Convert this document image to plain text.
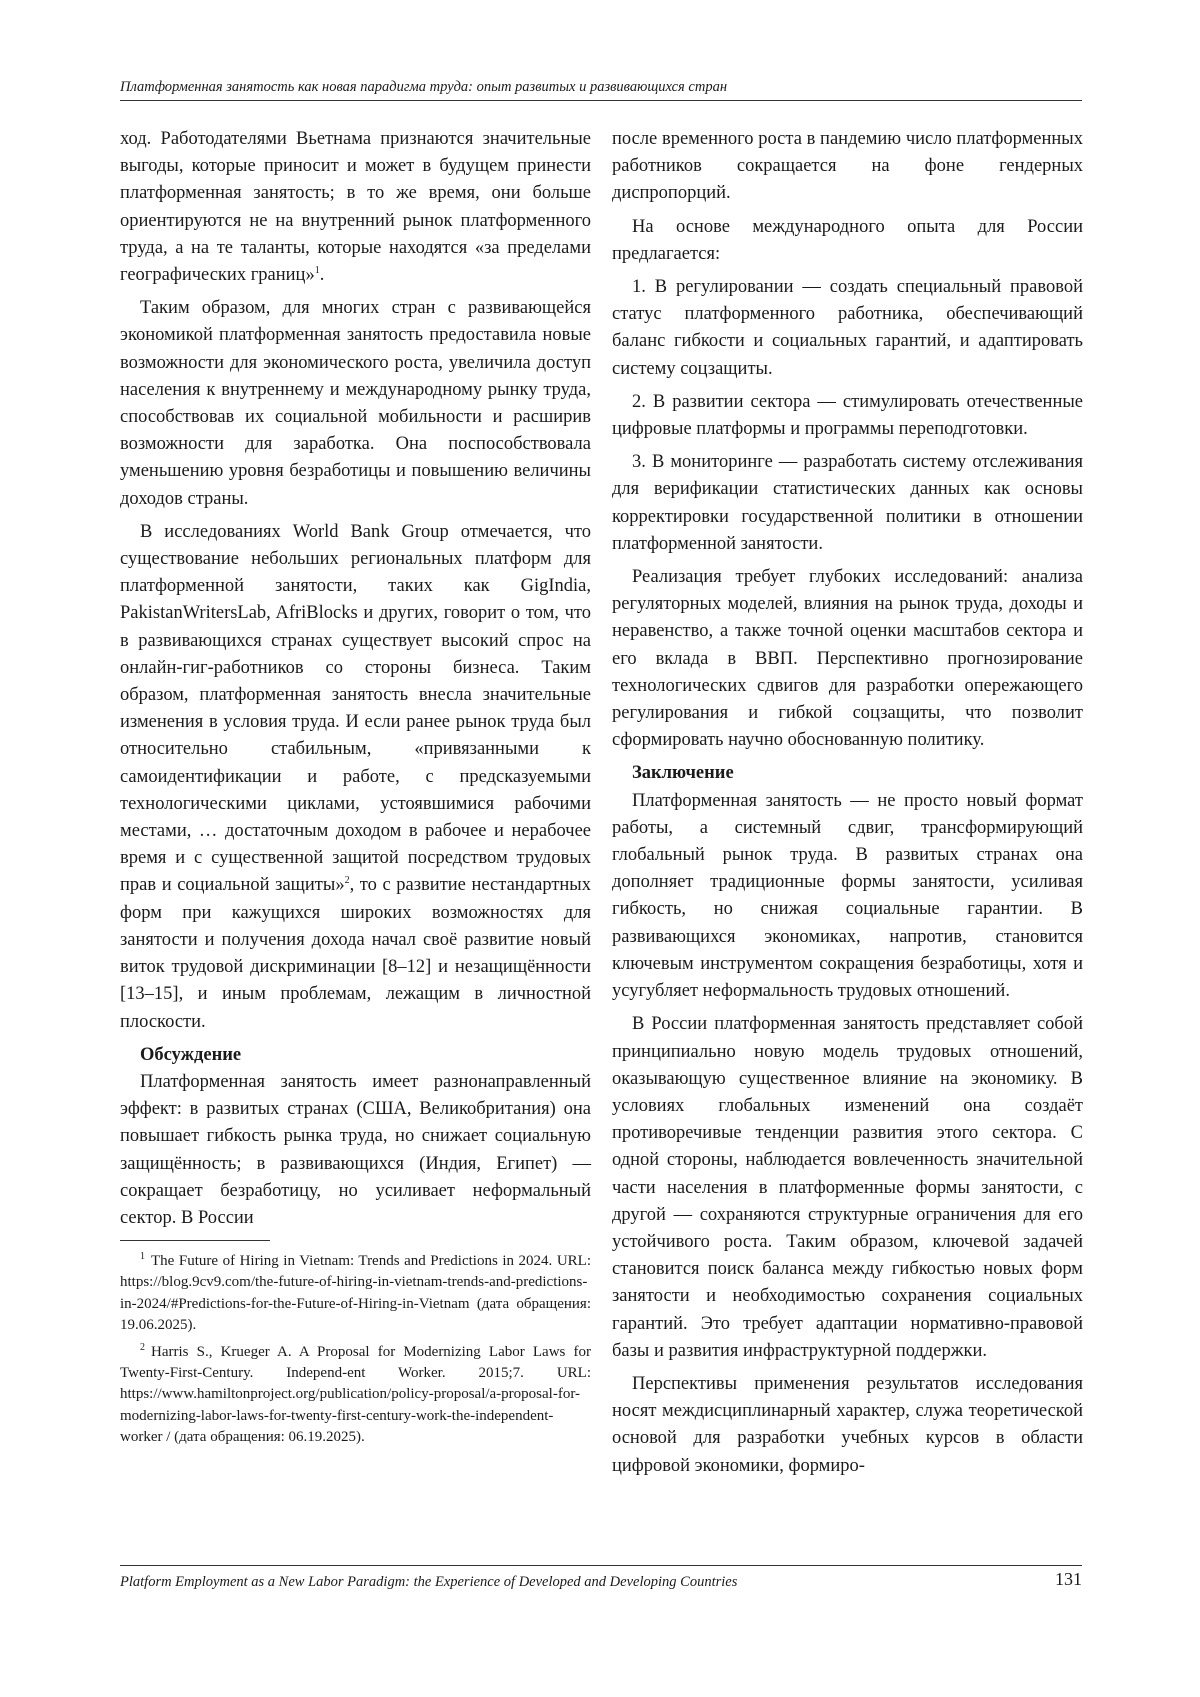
Платформенная занятость как новая парадигма труда: опыт развитых и развивающихся стран

ход. Работодателями Вьетнама признаются значительные выгоды, которые приносит и может в будущем принести платформенная занятость; в то же время, они больше ориентируются не на внутренний рынок платформенного труда, а на те таланты, которые находятся «за пределами географических границ»$^1$.

Таким образом, для многих стран с развивающейся экономикой платформенная занятость предоставила новые возможности для экономического роста, увеличила доступ населения к внутреннему и международному рынку труда, способствовав их социальной мобильности и расширив возможности для заработка. Она поспособствовала уменьшению уровня безработицы и повышению величины доходов страны.

В исследованиях World Bank Group отмечается, что существование небольших региональных платформ для платформенной занятости, таких как GigIndia, PakistanWritersLab, AfriBlocks и других, говорит о том, что в развивающихся странах существует высокий спрос на онлайн-гиг-работников со стороны бизнеса. Таким образом, платформенная занятость внесла значительные изменения в условия труда. И если ранее рынок труда был относительно стабильным, «привязанными к самоидентификации и работе, с предсказуемыми технологическими циклами, устоявшимися рабочими местами, … достаточным доходом в рабочее и нерабочее время и с существенной защитой посредством трудовых прав и социальной защиты»$^2$, то с развитие нестандартных форм при кажущихся широких возможностях для занятости и получения дохода начал своё развитие новый виток трудовой дискриминации [8–12] и незащищённости [13–15], и иным проблемам, лежащим в личностной плоскости.

Обсуждение

Платформенная занятость имеет разнонаправленный эффект: в развитых странах (США, Великобритания) она повышает гибкость рынка труда, но снижает социальную защищённость; в развивающихся (Индия, Египет) — сокращает безработицу, но усиливает неформальный сектор. В России

$^1$ The Future of Hiring in Vietnam: Trends and Predictions in 2024. URL: https://blog.9cv9.com/the-future-of-hiring-in-vietnam-trends-and-predictions-in-2024/#Predictions-for-the-Future-of-Hiring-in-Vietnam (дата обращения: 19.06.2025).

$^2$ Harris S., Krueger A. A Proposal for Modernizing Labor Laws for Twenty-First-Century. Independ-ent Worker. 2015;7. URL: https://www.hamiltonproject.org/publication/policy-proposal/a-proposal-for-modernizing-labor-laws-for-twenty-first-century-work-the-independent-worker / (дата обращения: 06.19.2025).

после временного роста в пандемию число платформенных работников сокращается на фоне гендерных диспропорций.

На основе международного опыта для России предлагается:

1. В регулировании — создать специальный правовой статус платформенного работника, обеспечивающий баланс гибкости и социальных гарантий, и адаптировать систему соцзащиты.

2. В развитии сектора — стимулировать отечественные цифровые платформы и программы переподготовки.

3. В мониторинге — разработать систему отслеживания для верификации статистических данных как основы корректировки государственной политики в отношении платформенной занятости.

Реализация требует глубоких исследований: анализа регуляторных моделей, влияния на рынок труда, доходы и неравенство, а также точной оценки масштабов сектора и его вклада в ВВП. Перспективно прогнозирование технологических сдвигов для разработки опережающего регулирования и гибкой соцзащиты, что позволит сформировать научно обоснованную политику.

Заключение

Платформенная занятость — не просто новый формат работы, а системный сдвиг, трансформирующий глобальный рынок труда. В развитых странах она дополняет традиционные формы занятости, усиливая гибкость, но снижая социальные гарантии. В развивающихся экономиках, напротив, становится ключевым инструментом сокращения безработицы, хотя и усугубляет неформальность трудовых отношений.

В России платформенная занятость представляет собой принципиально новую модель трудовых отношений, оказывающую существенное влияние на экономику. В условиях глобальных изменений она создаёт противоречивые тенденции развития этого сектора. С одной стороны, наблюдается вовлеченность значительной части населения в платформенные формы занятости, с другой — сохраняются структурные ограничения для его устойчивого роста. Таким образом, ключевой задачей становится поиск баланса между гибкостью новых форм занятости и необходимостью сохранения социальных гарантий. Это требует адаптации нормативно-правовой базы и развития инфраструктурной поддержки.

Перспективы применения результатов исследования носят междисциплинарный характер, служа теоретической основой для разработки учебных курсов в области цифровой экономики, формиро-

Platform Employment as a New Labor Paradigm: the Experience of Developed and Developing Countries	131
